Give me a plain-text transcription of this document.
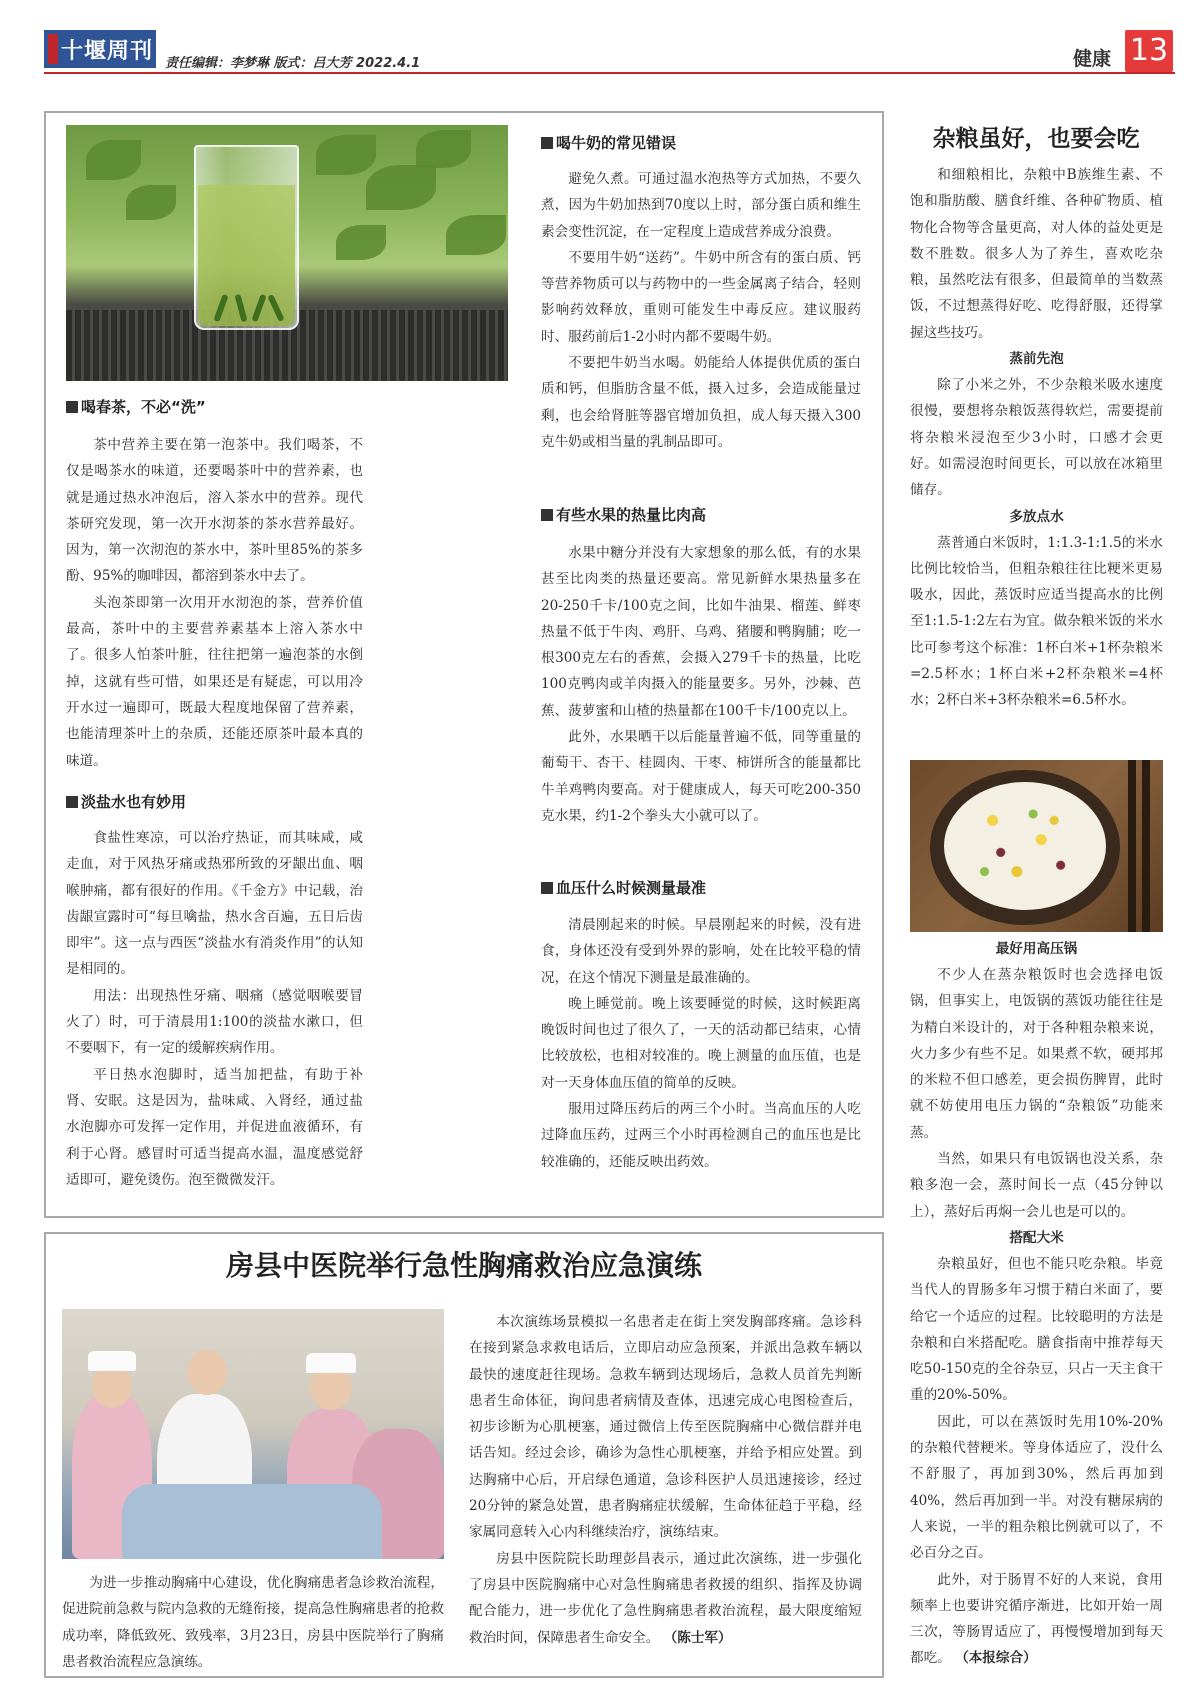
十堰周刊 责任编辑：李梦琳 版式：吕大芳 2022.4.1	健康 13
喝春茶，不必“洗”

茶中营养主要在第一泡茶中。我们喝茶，不仅是喝茶水的味道，还要喝茶叶中的营养素，也就是通过热水冲泡后，溶入茶水中的营养。现代茶研究发现，第一次开水沏茶的茶水营养最好。因为，第一次沏泡的茶水中，茶叶里85%的茶多酚、95%的咖啡因，都溶到茶水中去了。

头泡茶即第一次用开水沏泡的茶，营养价值最高，茶叶中的主要营养素基本上溶入茶水中了。很多人怕茶叶脏，往往把第一遍泡茶的水倒掉，这就有些可惜，如果还是有疑虑，可以用冷开水过一遍即可，既最大程度地保留了营养素，也能清理茶叶上的杂质，还能还原茶叶最本真的味道。

淡盐水也有妙用

食盐性寒凉，可以治疗热证，而其味咸，咸走血，对于风热牙痛或热邪所致的牙龈出血、咽喉肿痛，都有很好的作用。《千金方》中记载，治齿龈宣露时可“每旦噙盐，热水含百遍，五日后齿即牢”。这一点与西医“淡盐水有消炎作用”的认知是相同的。

用法：出现热性牙痛、咽痛（感觉咽喉要冒火了）时，可于清晨用1:100的淡盐水漱口，但不要咽下，有一定的缓解疾病作用。

平日热水泡脚时，适当加把盐，有助于补肾、安眠。这是因为，盐味咸、入肾经，通过盐水泡脚亦可发挥一定作用，并促进血液循环，有利于心肾。感冒时可适当提高水温，温度感觉舒适即可，避免烫伤。泡至微微发汗。

喝牛奶的常见错误

避免久煮。可通过温水泡热等方式加热，不要久煮，因为牛奶加热到70度以上时，部分蛋白质和维生素会变性沉淀，在一定程度上造成营养成分浪费。

不要用牛奶“送药”。牛奶中所含有的蛋白质、钙等营养物质可以与药物中的一些金属离子结合，轻则影响药效释放，重则可能发生中毒反应。建议服药时、服药前后1-2小时内都不要喝牛奶。

不要把牛奶当水喝。奶能给人体提供优质的蛋白质和钙，但脂肪含量不低，摄入过多，会造成能量过剩，也会给肾脏等器官增加负担，成人每天摄入300克牛奶或相当量的乳制品即可。

有些水果的热量比肉高

水果中糖分并没有大家想象的那么低，有的水果甚至比肉类的热量还要高。常见新鲜水果热量多在20-250千卡/100克之间，比如牛油果、榴莲、鲜枣热量不低于牛肉、鸡肝、乌鸡、猪腰和鸭胸脯；吃一根300克左右的香蕉，会摄入279千卡的热量，比吃100克鸭肉或羊肉摄入的能量要多。另外，沙棘、芭蕉、菠萝蜜和山楂的热量都在100千卡/100克以上。

此外，水果晒干以后能量普遍不低，同等重量的葡萄干、杏干、桂圆肉、干枣、柿饼所含的能量都比牛羊鸡鸭肉要高。对于健康成人，每天可吃200-350克水果，约1-2个拳头大小就可以了。

血压什么时候测量最准

清晨刚起来的时候。早晨刚起来的时候，没有进食，身体还没有受到外界的影响，处在比较平稳的情况，在这个情况下测量是最准确的。

晚上睡觉前。晚上该要睡觉的时候，这时候距离晚饭时间也过了很久了，一天的活动都已结束，心情比较放松，也相对较准的。晚上测量的血压值，也是对一天身体血压值的简单的反映。

服用过降压药后的两三个小时。当高血压的人吃过降血压药，过两三个小时再检测自己的血压也是比较准确的，还能反映出药效。

房县中医院举行急性胸痛救治应急演练

为进一步推动胸痛中心建设，优化胸痛患者急诊救治流程，促进院前急救与院内急救的无缝衔接，提高急性胸痛患者的抢救成功率，降低致死、致残率，3月23日，房县中医院举行了胸痛患者救治流程应急演练。

本次演练场景模拟一名患者走在街上突发胸部疼痛。急诊科在接到紧急求救电话后，立即启动应急预案，并派出急救车辆以最快的速度赶往现场。急救车辆到达现场后，急救人员首先判断患者生命体征，询问患者病情及查体，迅速完成心电图检查后，初步诊断为心肌梗塞，通过微信上传至医院胸痛中心微信群并电话告知。经过会诊，确诊为急性心肌梗塞，并给予相应处置。到达胸痛中心后，开启绿色通道，急诊科医护人员迅速接诊，经过20分钟的紧急处置，患者胸痛症状缓解，生命体征趋于平稳，经家属同意转入心内科继续治疗，演练结束。

房县中医院院长助理彭昌表示，通过此次演练，进一步强化了房县中医院胸痛中心对急性胸痛患者救援的组织、指挥及协调配合能力，进一步优化了急性胸痛患者救治流程，最大限度缩短救治时间，保障患者生命安全。 （陈士军）

杂粮虽好，也要会吃

和细粮相比，杂粮中B族维生素、不饱和脂肪酸、膳食纤维、各种矿物质、植物化合物等含量更高，对人体的益处更是数不胜数。很多人为了养生，喜欢吃杂粮，虽然吃法有很多，但最简单的当数蒸饭，不过想蒸得好吃、吃得舒服，还得掌握这些技巧。

蒸前先泡

除了小米之外，不少杂粮米吸水速度很慢，要想将杂粮饭蒸得软烂，需要提前将杂粮米浸泡至少3小时，口感才会更好。如需浸泡时间更长，可以放在冰箱里储存。

多放点水

蒸普通白米饭时，1:1.3-1:1.5的米水比例比较恰当，但粗杂粮往往比粳米更易吸水，因此，蒸饭时应适当提高水的比例至1:1.5-1:2左右为宜。做杂粮米饭的米水比可参考这个标准：1杯白米+1杯杂粮米=2.5杯水；1杯白米+2杯杂粮米=4杯水；2杯白米+3杯杂粮米=6.5杯水。

最好用高压锅

不少人在蒸杂粮饭时也会选择电饭锅，但事实上，电饭锅的蒸饭功能往往是为精白米设计的，对于各种粗杂粮来说，火力多少有些不足。如果煮不软，硬邦邦的米粒不但口感差，更会损伤脾胃，此时就不妨使用电压力锅的“杂粮饭”功能来蒸。

当然，如果只有电饭锅也没关系，杂粮多泡一会，蒸时间长一点（45分钟以上），蒸好后再焖一会儿也是可以的。

搭配大米

杂粮虽好，但也不能只吃杂粮。毕竟当代人的胃肠多年习惯于精白米面了，要给它一个适应的过程。比较聪明的方法是杂粮和白米搭配吃。膳食指南中推荐每天吃50-150克的全谷杂豆，只占一天主食干重的20%-50%。

因此，可以在蒸饭时先用10%-20%的杂粮代替粳米。等身体适应了，没什么不舒服了，再加到30%，然后再加到40%，然后再加到一半。对没有糖尿病的人来说，一半的粗杂粮比例就可以了，不必百分之百。

此外，对于肠胃不好的人来说，食用频率上也要讲究循序渐进，比如开始一周三次，等肠胃适应了，再慢慢增加到每天都吃。 （本报综合）
